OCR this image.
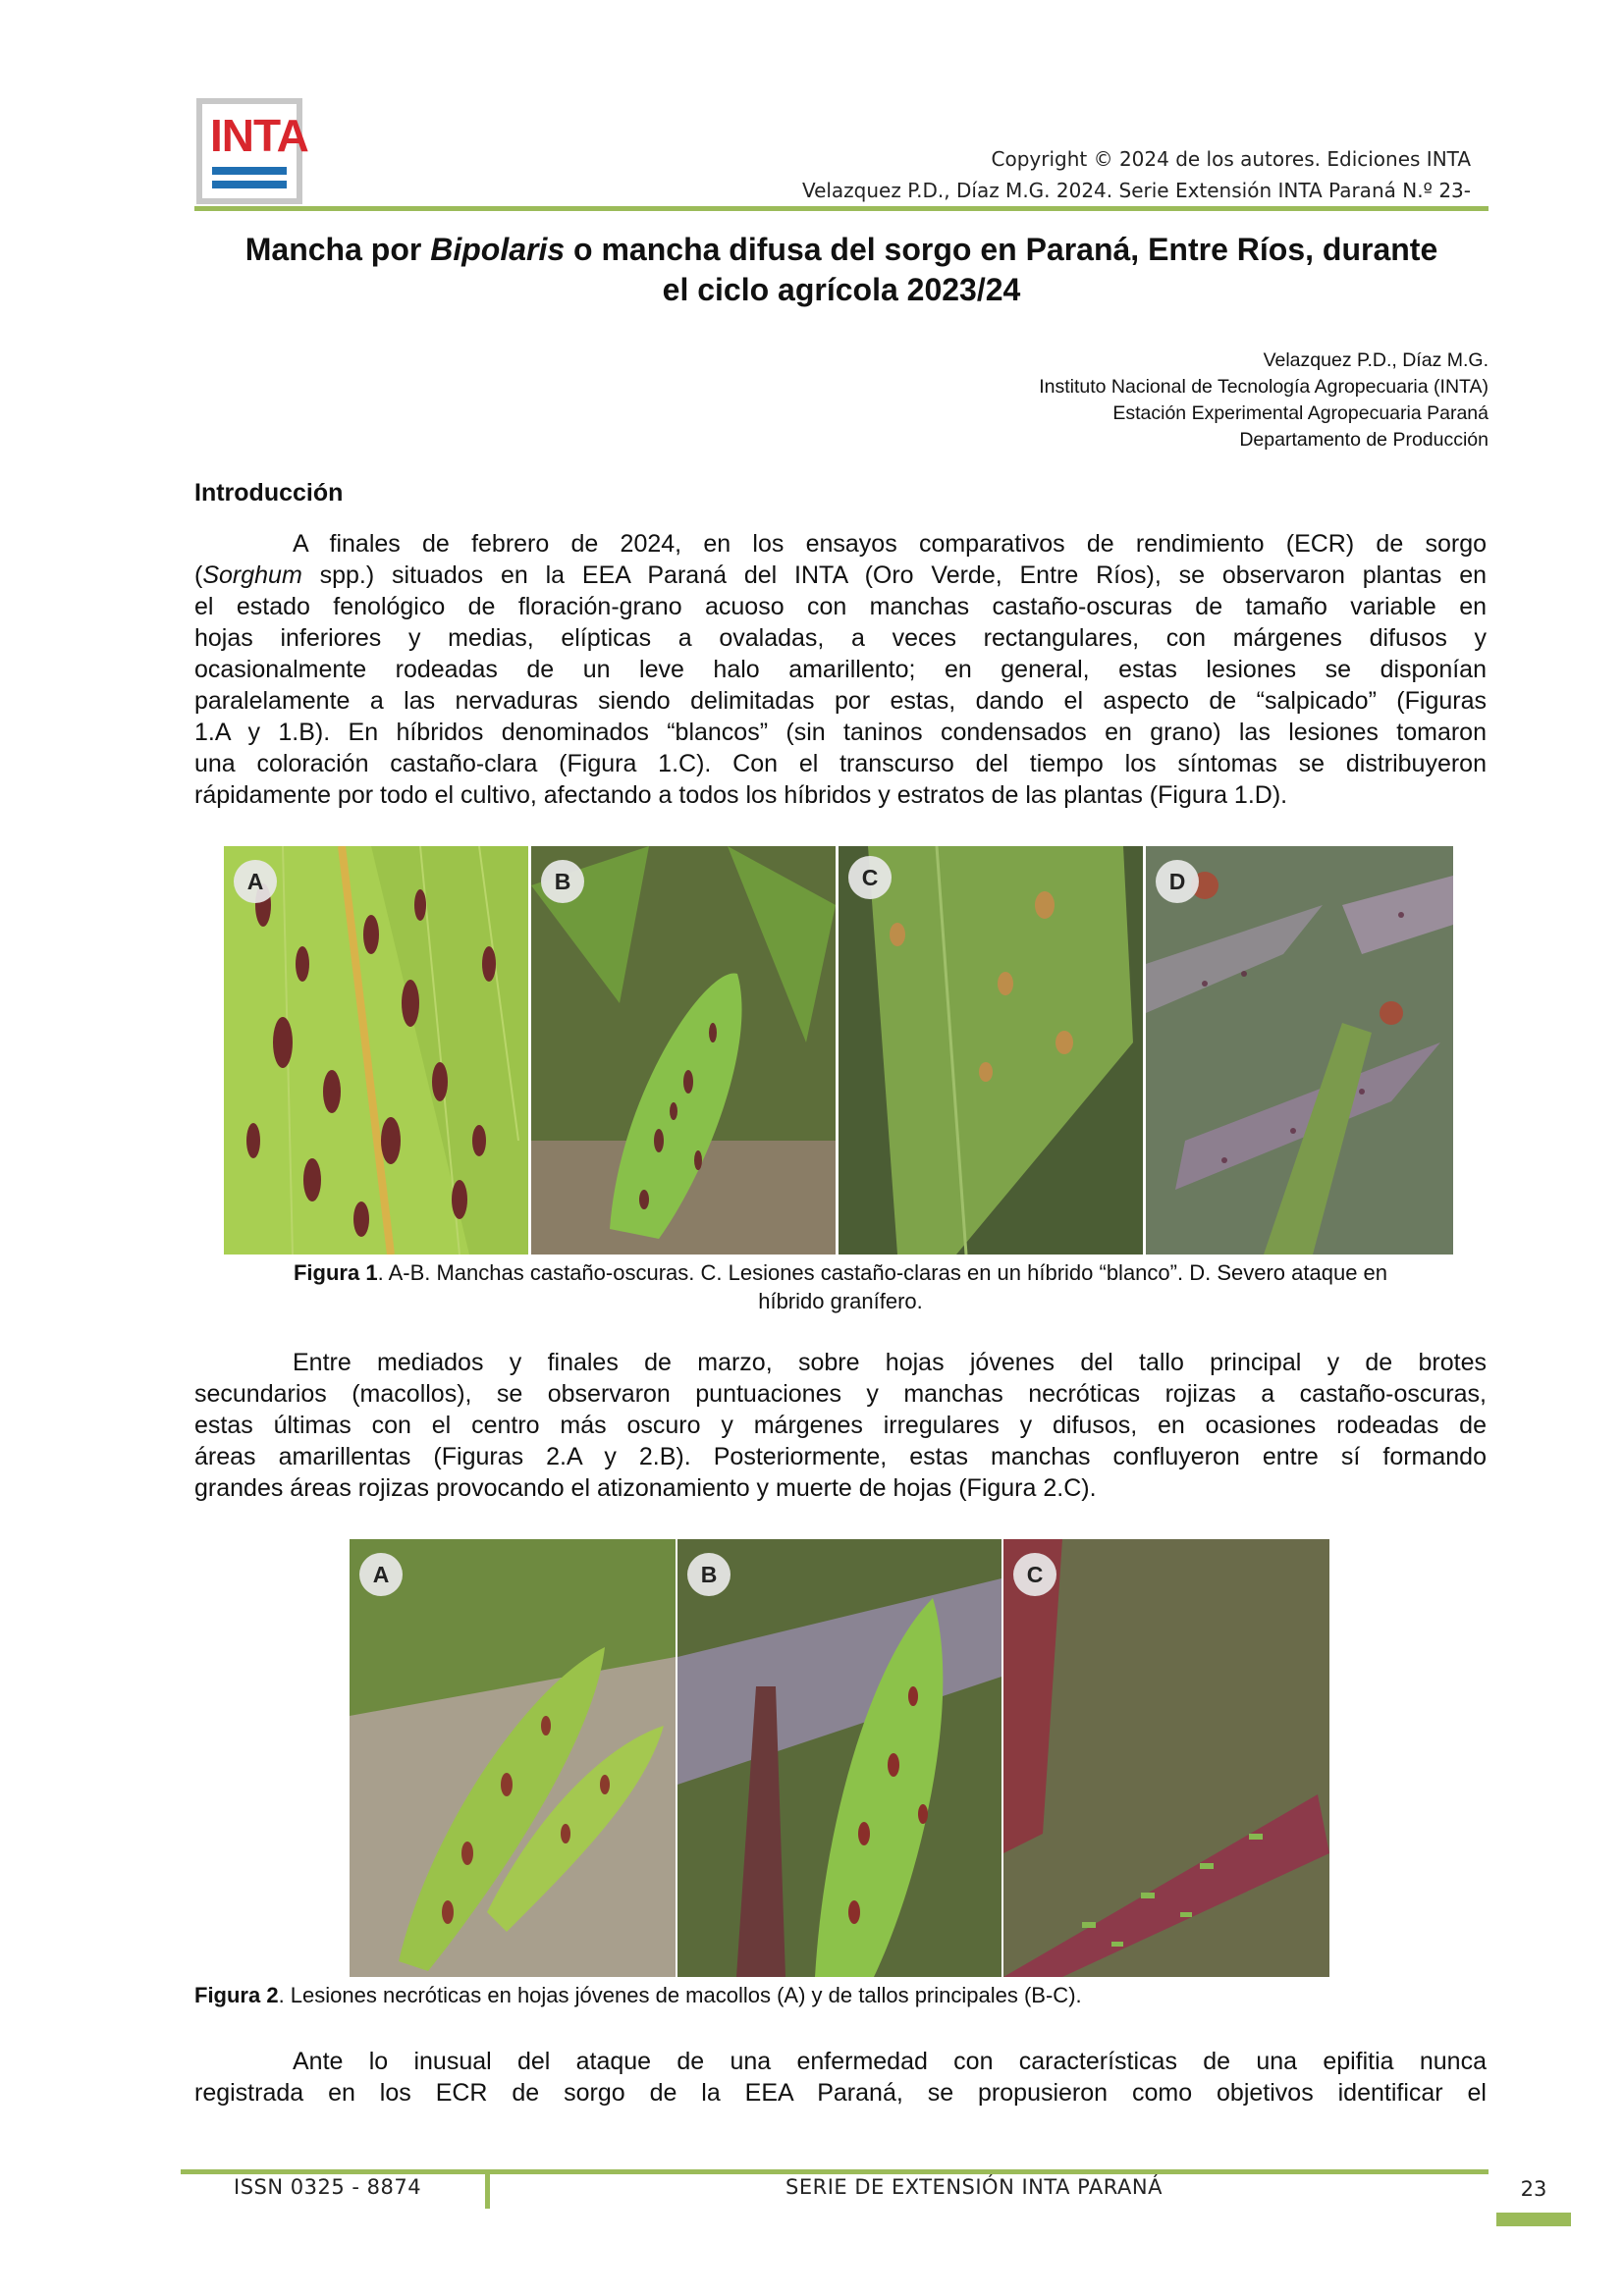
INTA	Copyright © 2024 de los autores. Ediciones INTA
Velazquez P.D., Díaz M.G. 2024. Serie Extensión INTA Paraná N.º 23-
Mancha por Bipolaris o mancha difusa del sorgo en Paraná, Entre Ríos, durante
el ciclo agrícola 2023/24
Velazquez P.D., Díaz M.G.
Instituto Nacional de Tecnología Agropecuaria (INTA)
Estación Experimental Agropecuaria Paraná
Departamento de Producción
Introducción
A finales de febrero de 2024, en los ensayos comparativos de rendimiento (ECR) de sorgo
(Sorghum spp.) situados en la EEA Paraná del INTA (Oro Verde, Entre Ríos), se observaron plantas en
el estado fenológico de floración-grano acuoso con manchas castaño-oscuras de tamaño variable en
hojas inferiores y medias, elípticas a ovaladas, a veces rectangulares, con márgenes difusos y
ocasionalmente rodeadas de un leve halo amarillento; en general, estas lesiones se disponían
paralelamente a las nervaduras siendo delimitadas por estas, dando el aspecto de “salpicado” (Figuras
1.A y 1.B). En híbridos denominados “blancos” (sin taninos condensados en grano) las lesiones tomaron
una coloración castaño-clara (Figura 1.C). Con el transcurso del tiempo los síntomas se distribuyeron
rápidamente por todo el cultivo, afectando a todos los híbridos y estratos de las plantas (Figura 1.D).
A	B	C	D
Figura 1. A-B. Manchas castaño-oscuras. C. Lesiones castaño-claras en un híbrido “blanco”. D. Severo ataque en
híbrido granífero.
Entre mediados y finales de marzo, sobre hojas jóvenes del tallo principal y de brotes
secundarios (macollos), se observaron puntuaciones y manchas necróticas rojizas a castaño-oscuras,
estas últimas con el centro más oscuro y márgenes irregulares y difusos, en ocasiones rodeadas de
áreas amarillentas (Figuras 2.A y 2.B). Posteriormente, estas manchas confluyeron entre sí formando
grandes áreas rojizas provocando el atizonamiento y muerte de hojas (Figura 2.C).
A	B	C
Figura 2. Lesiones necróticas en hojas jóvenes de macollos (A) y de tallos principales (B-C).
Ante lo inusual del ataque de una enfermedad con características de una epifitia nunca
registrada en los ECR de sorgo de la EEA Paraná, se propusieron como objetivos identificar el
ISSN 0325 - 8874	SERIE DE EXTENSIÓN INTA PARANÁ	23
